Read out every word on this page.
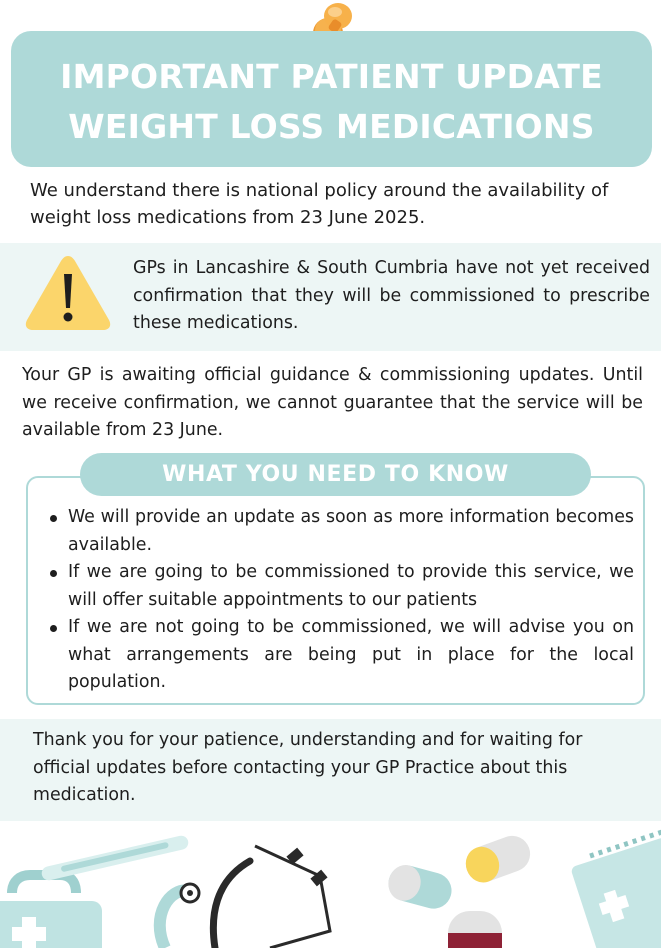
IMPORTANT PATIENT UPDATE
WEIGHT LOSS MEDICATIONS

We understand there is national policy around the availability of weight loss medications from 23 June 2025.

GPs in Lancashire & South Cumbria have not yet received confirmation that they will be commissioned to prescribe these medications.

Your GP is awaiting official guidance & commissioning updates. Until we receive confirmation, we cannot guarantee that the service will be available from 23 June.

WHAT YOU NEED TO KNOW
We will provide an update as soon as more information becomes available.
If we are going to be commissioned to provide this service, we will offer suitable appointments to our patients
If we are not going to be commissioned, we will advise you on what arrangements are being put in place for the local population.

Thank you for your patience, understanding and for waiting for official updates before contacting your GP Practice about this medication.
